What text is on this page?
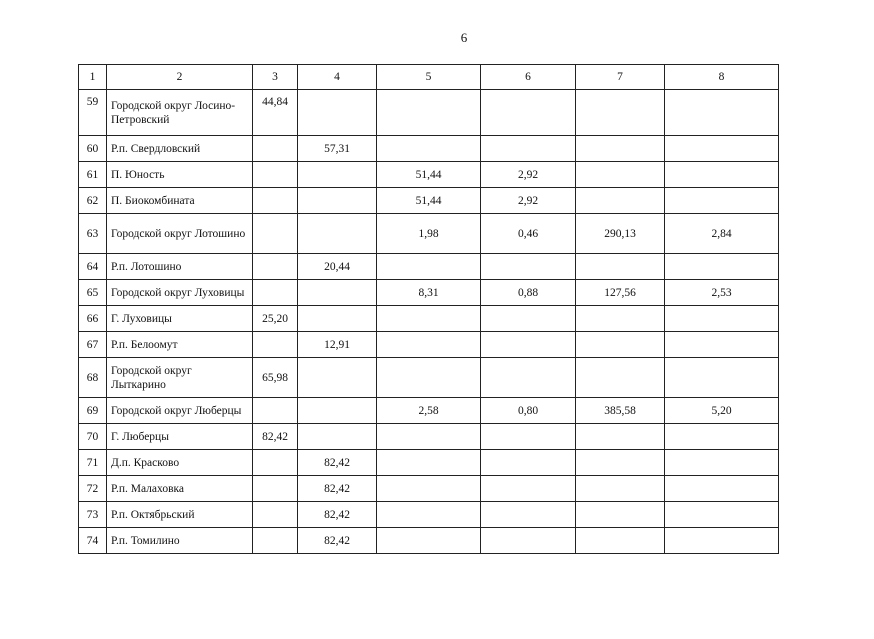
6
1	2	3	4	5	6	7	8
59	Городской округ Лосино-Петровский	44,84					
60	Р.п. Свердловский		57,31				
61	П. Юность			51,44	2,92		
62	П. Биокомбината			51,44	2,92		
63	Городской округ Лотошино			1,98	0,46	290,13	2,84
64	Р.п. Лотошино		20,44				
65	Городской округ Луховицы			8,31	0,88	127,56	2,53
66	Г. Луховицы	25,20					
67	Р.п. Белоомут		12,91				
68	Городской округ Лыткарино	65,98					
69	Городской округ Люберцы			2,58	0,80	385,58	5,20
70	Г. Люберцы	82,42					
71	Д.п. Красково		82,42				
72	Р.п. Малаховка		82,42				
73	Р.п. Октябрьский		82,42				
74	Р.п. Томилино		82,42				
